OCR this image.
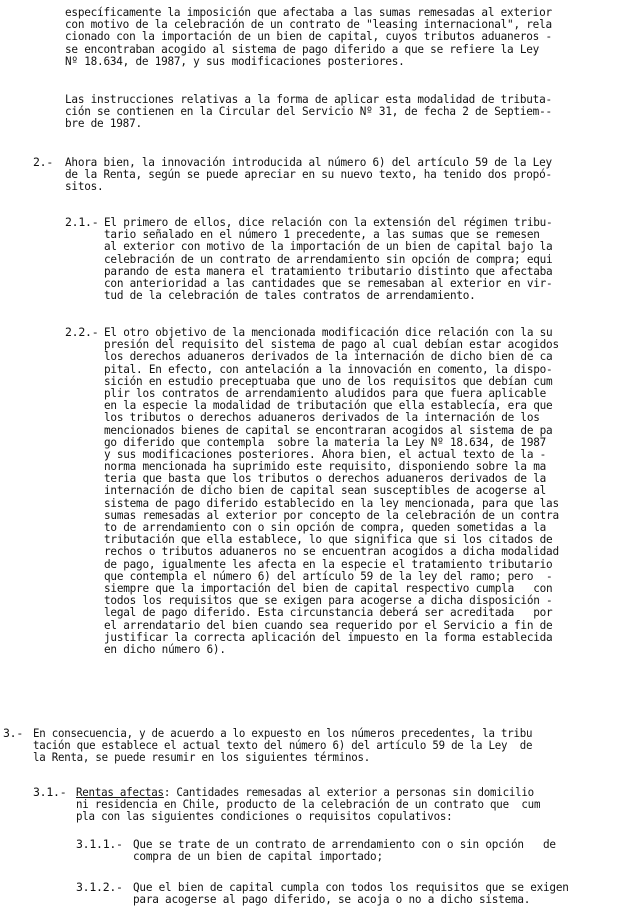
específicamente la imposición que afectaba a las sumas remesadas al exterior
con motivo de la celebración de un contrato de "leasing internacional", rela
cionado con la importación de un bien de capital, cuyos tributos aduaneros -
se encontraban acogido al sistema de pago diferido a que se refiere la Ley
Nº 18.634, de 1987, y sus modificaciones posteriores.
Las instrucciones relativas a la forma de aplicar esta modalidad de tributa-
ción se contienen en la Circular del Servicio Nº 31, de fecha 2 de Septiem--
bre de 1987.
2.- Ahora bien, la innovación introducida al número 6) del artículo 59 de la Ley
de la Renta, según se puede apreciar en su nuevo texto, ha tenido dos propó-
sitos.
2.1.- El primero de ellos, dice relación con la extensión del régimen tribu-
tario señalado en el número 1 precedente, a las sumas que se remesen
al exterior con motivo de la importación de un bien de capital bajo la
celebración de un contrato de arrendamiento sin opción de compra; equi
parando de esta manera el tratamiento tributario distinto que afectaba
con anterioridad a las cantidades que se remesaban al exterior en vir-
tud de la celebración de tales contratos de arrendamiento.
2.2.- El otro objetivo de la mencionada modificación dice relación con la su
presión del requisito del sistema de pago al cual debían estar acogidos
los derechos aduaneros derivados de la internación de dicho bien de ca
pital. En efecto, con antelación a la innovación en comento, la dispo-
sición en estudio preceptuaba que uno de los requisitos que debían cum
plir los contratos de arrendamiento aludidos para que fuera aplicable
en la especie la modalidad de tributación que ella establecía, era que
los tributos o derechos aduaneros derivados de la internación de los
mencionados bienes de capital se encontraran acogidos al sistema de pa
go diferido que contempla  sobre la materia la Ley Nº 18.634, de 1987
y sus modificaciones posteriores. Ahora bien, el actual texto de la -
norma mencionada ha suprimido este requisito, disponiendo sobre la ma
teria que basta que los tributos o derechos aduaneros derivados de la
internación de dicho bien de capital sean susceptibles de acogerse al
sistema de pago diferido establecido en la ley mencionada, para que las
sumas remesadas al exterior por concepto de la celebración de un contra
to de arrendamiento con o sin opción de compra, queden sometidas a la
tributación que ella establece, lo que significa que si los citados de
rechos o tributos aduaneros no se encuentran acogidos a dicha modalidad
de pago, igualmente les afecta en la especie el tratamiento tributario
que contempla el número 6) del artículo 59 de la ley del ramo; pero  -
siempre que la importación del bien de capital respectivo cumpla   con
todos los requisitos que se exigen para acogerse a dicha disposición -
legal de pago diferido. Esta circunstancia deberá ser acreditada   por
el arrendatario del bien cuando sea requerido por el Servicio a fin de
justificar la correcta aplicación del impuesto en la forma establecida
en dicho número 6).
3.- En consecuencia, y de acuerdo a lo expuesto en los números precedentes, la tribu
tación que establece el actual texto del número 6) del artículo 59 de la Ley  de
la Renta, se puede resumir en los siguientes términos.
3.1.- Rentas afectas: Cantidades remesadas al exterior a personas sin domicilio
ni residencia en Chile, producto de la celebración de un contrato que  cum
pla con las siguientes condiciones o requisitos copulativos:
3.1.1.- Que se trate de un contrato de arrendamiento con o sin opción   de
compra de un bien de capital importado;
3.1.2.- Que el bien de capital cumpla con todos los requisitos que se exigen
para acogerse al pago diferido, se acoja o no a dicho sistema.
